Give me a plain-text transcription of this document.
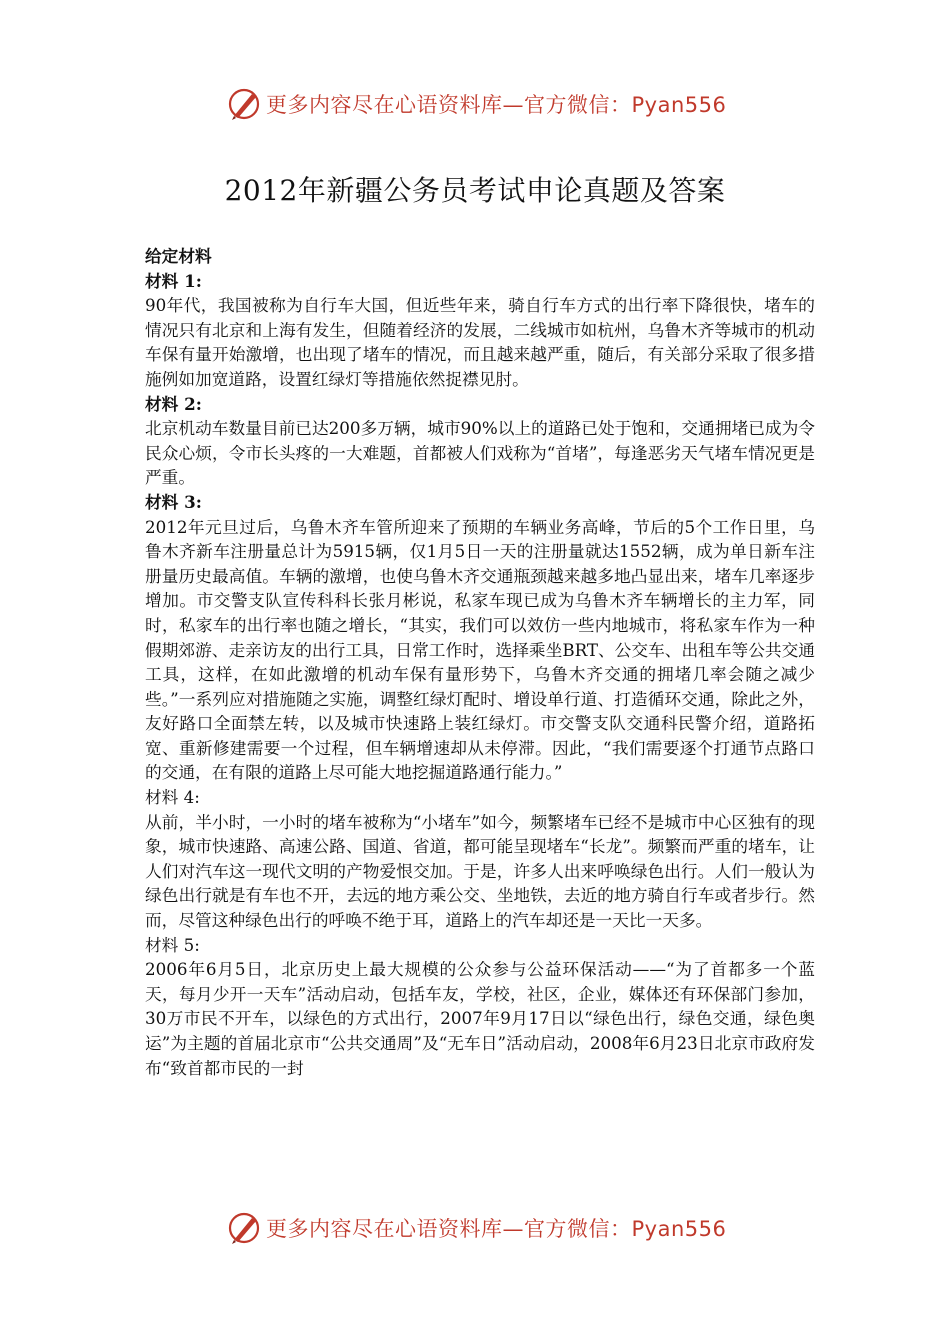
更多内容尽在心语资料库—官方微信：Pyan556
2012年新疆公务员考试申论真题及答案

给定材料

材料 1:

90年代，我国被称为自行车大国，但近些年来，骑自行车方式的出行率下降很快，堵车的情况只有北京和上海有发生，但随着经济的发展，二线城市如杭州，乌鲁木齐等城市的机动车保有量开始激增，也出现了堵车的情况，而且越来越严重，随后，有关部分采取了很多措施例如加宽道路，设置红绿灯等措施依然捉襟见肘。

材料 2:

北京机动车数量目前已达200多万辆，城市90%以上的道路已处于饱和，交通拥堵已成为令民众心烦，令市长头疼的一大难题，首都被人们戏称为“首堵”，每逢恶劣天气堵车情况更是严重。

材料 3:

2012年元旦过后，乌鲁木齐车管所迎来了预期的车辆业务高峰，节后的5个工作日里，乌鲁木齐新车注册量总计为5915辆，仅1月5日一天的注册量就达1552辆，成为单日新车注册量历史最高值。车辆的激增，也使乌鲁木齐交通瓶颈越来越多地凸显出来，堵车几率逐步增加。市交警支队宣传科科长张月彬说，私家车现已成为乌鲁木齐车辆增长的主力军，同时，私家车的出行率也随之增长，“其实，我们可以效仿一些内地城市，将私家车作为一种假期郊游、走亲访友的出行工具，日常工作时，选择乘坐BRT、公交车、出租车等公共交通工具，这样，在如此激增的机动车保有量形势下，乌鲁木齐交通的拥堵几率会随之减少些。”一系列应对措施随之实施，调整红绿灯配时、增设单行道、打造循环交通，除此之外，友好路口全面禁左转，以及城市快速路上装红绿灯。市交警支队交通科民警介绍，道路拓宽、重新修建需要一个过程，但车辆增速却从未停滞。因此，“我们需要逐个打通节点路口的交通，在有限的道路上尽可能大地挖掘道路通行能力。”

材料 4:

从前，半小时，一小时的堵车被称为“小堵车”如今，频繁堵车已经不是城市中心区独有的现象，城市快速路、高速公路、国道、省道，都可能呈现堵车“长龙”。频繁而严重的堵车，让人们对汽车这一现代文明的产物爱恨交加。于是，许多人出来呼唤绿色出行。人们一般认为绿色出行就是有车也不开，去远的地方乘公交、坐地铁，去近的地方骑自行车或者步行。然而，尽管这种绿色出行的呼唤不绝于耳，道路上的汽车却还是一天比一天多。

材料 5:

2006年6月5日，北京历史上最大规模的公众参与公益环保活动——“为了首都多一个蓝天，每月少开一天车”活动启动，包括车友，学校，社区，企业，媒体还有环保部门参加，30万市民不开车，以绿色的方式出行，2007年9月17日以“绿色出行，绿色交通，绿色奥运”为主题的首届北京市“公共交通周”及“无车日”活动启动，2008年6月23日北京市政府发布“致首都市民的一封

更多内容尽在心语资料库—官方微信：Pyan556
